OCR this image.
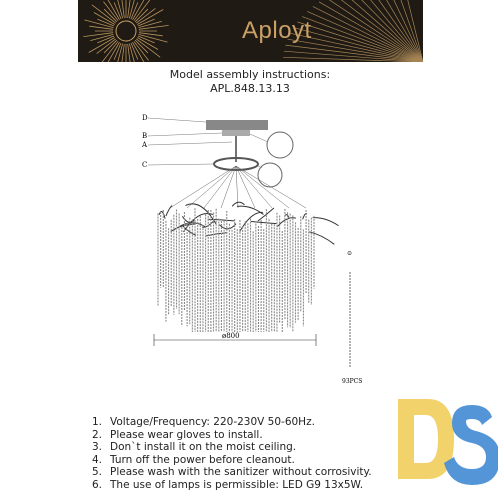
Aployt
Model assembly instructions:
APL.848.13.13
D
B
A
C
ø800
⊙
93PCS
1. Voltage/Frequency: 220-230V 50-60Hz.
2. Please wear gloves to install.
3. Don`t install it on the moist ceiling.
4. Turn off the power before cleanout.
5. Please wash with the sanitizer without corrosivity.
6. The use of lamps is permissible: LED G9 13x5W.
